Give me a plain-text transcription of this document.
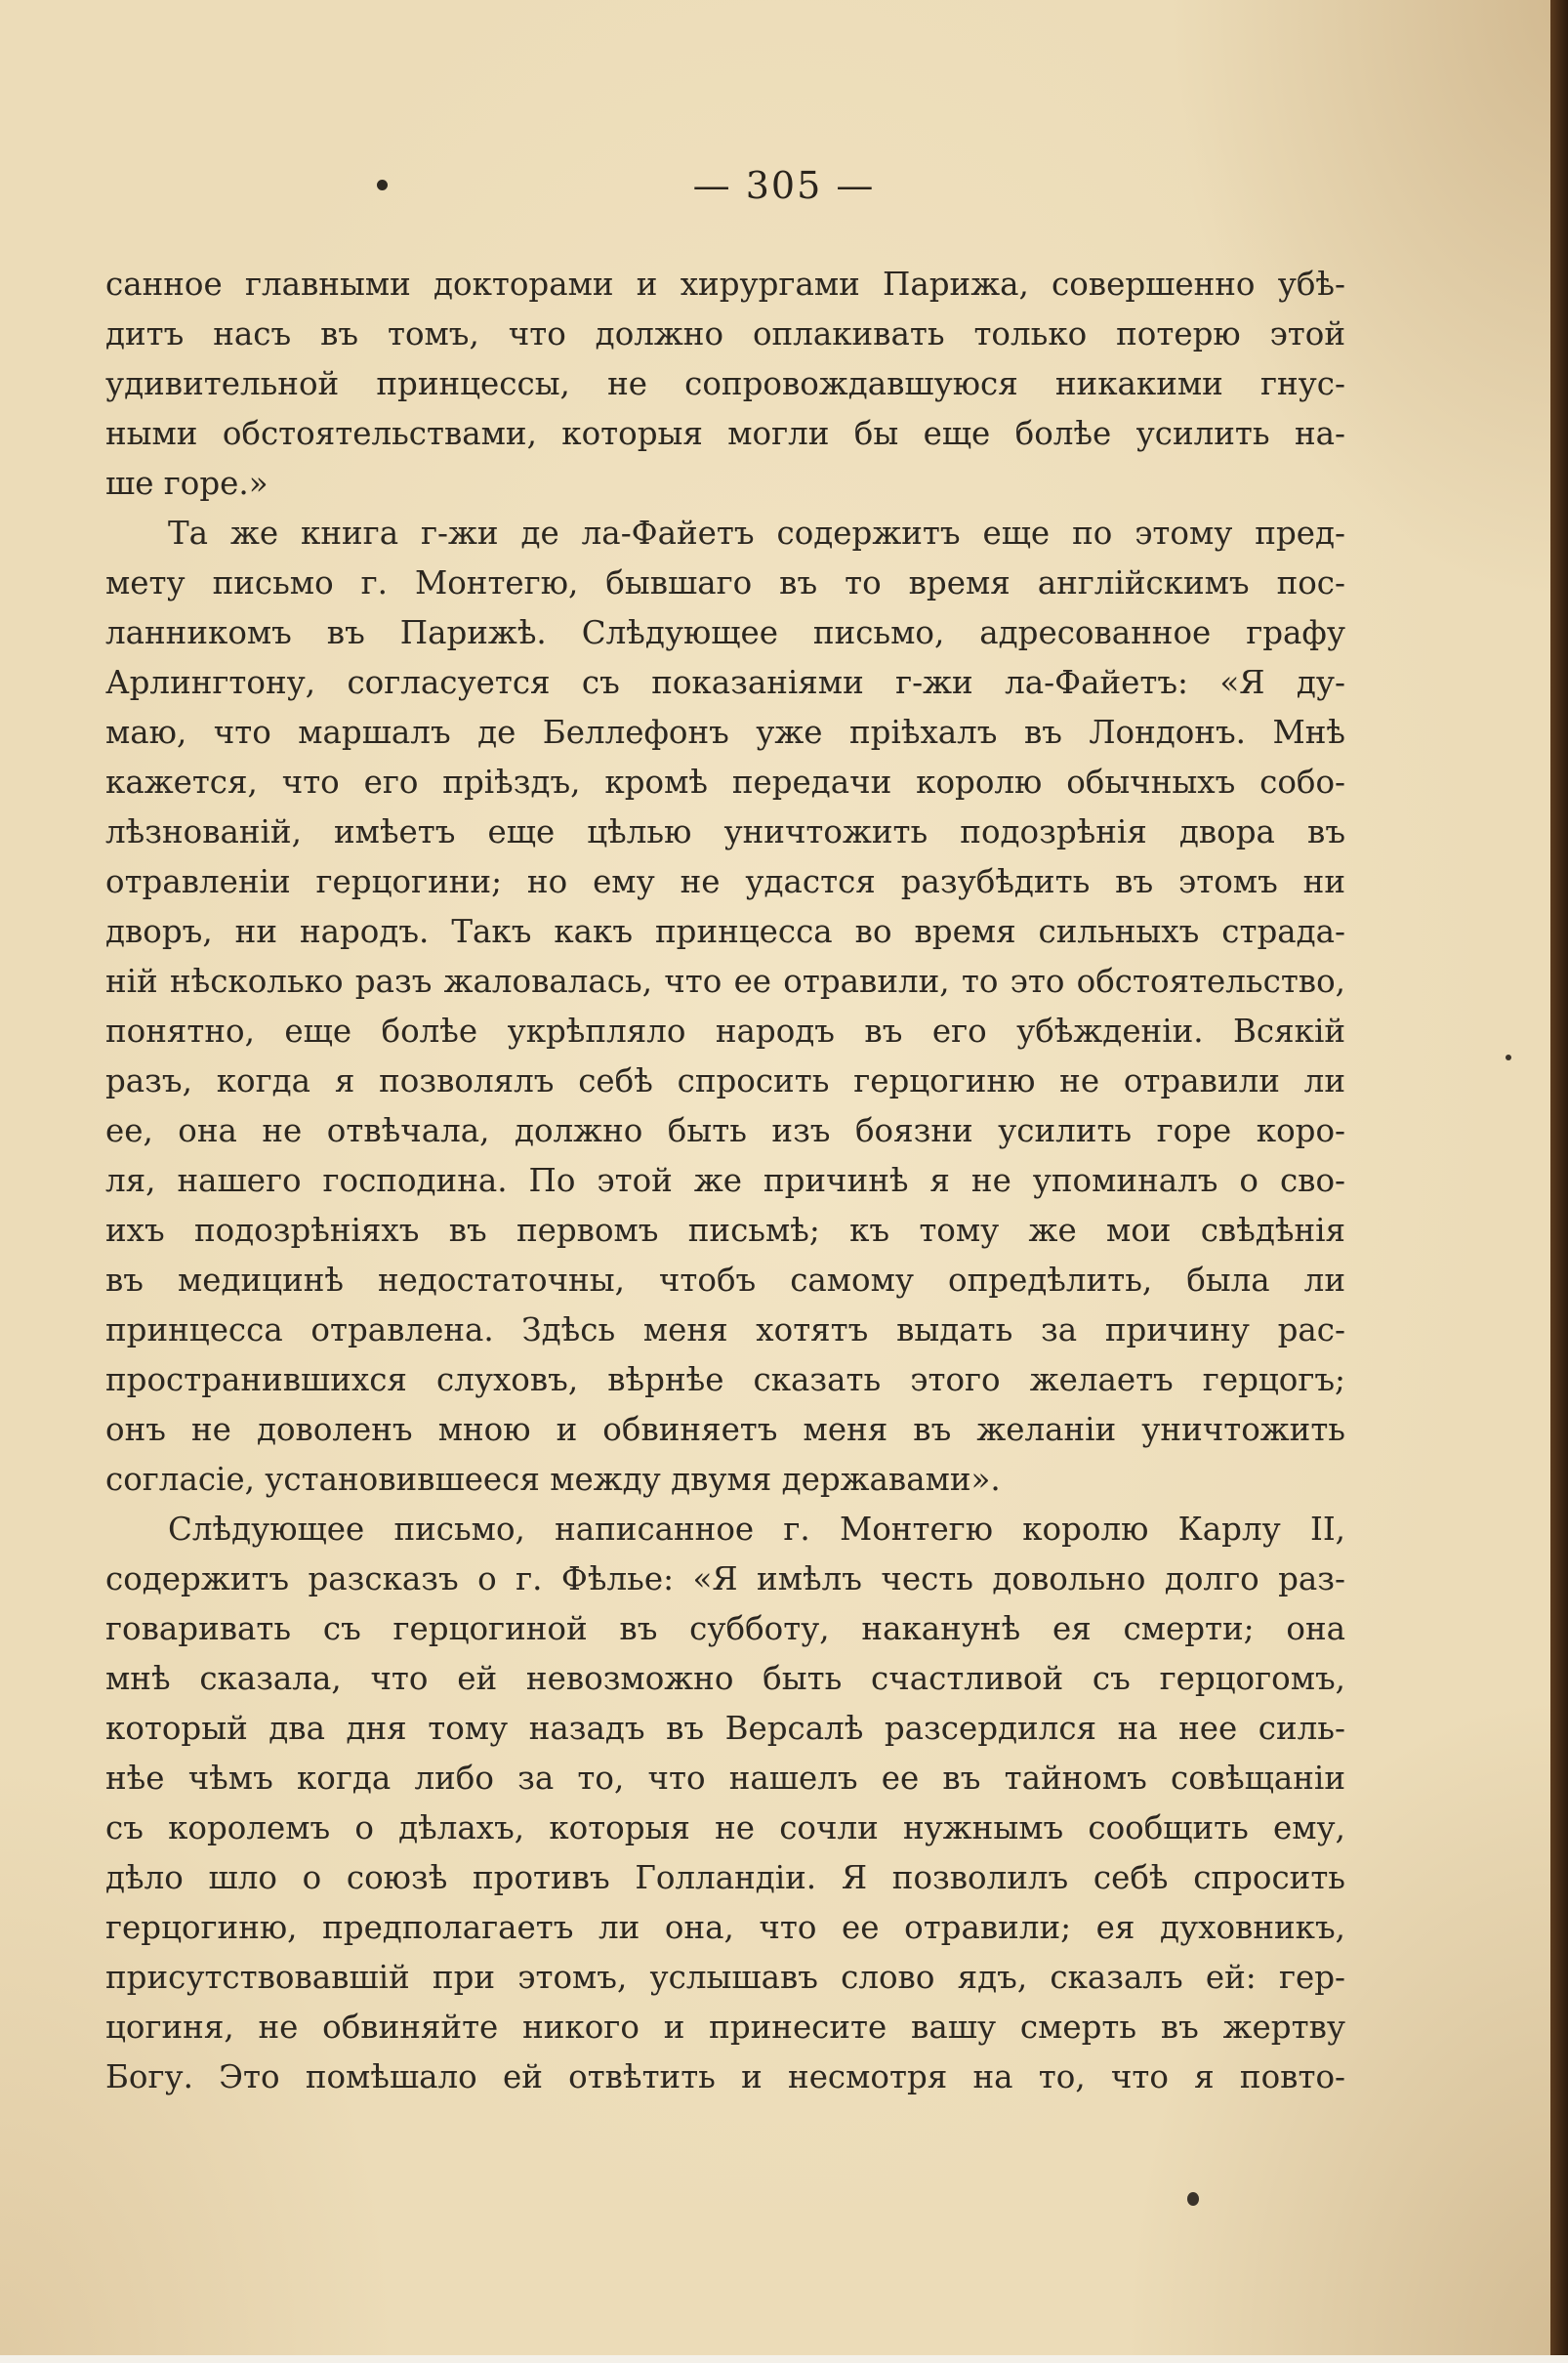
— 305 —
санное главными докторами и хирургами Парижа, совершенно убѣ-
дитъ насъ въ томъ, что должно оплакивать только потерю этой
удивительной принцессы, не сопровождавшуюся никакими гнус-
ными обстоятельствами, которыя могли бы еще болѣе усилить на-
ше горе.»
Та же книга г-жи де ла-Файетъ содержитъ еще по этому пред-
мету письмо г. Монтегю, бывшаго въ то время англійскимъ пос-
ланникомъ въ Парижѣ. Слѣдующее письмо, адресованное графу
Арлингтону, согласуется съ показаніями г-жи ла-Файетъ: «Я ду-
маю, что маршалъ де Беллефонъ уже пріѣхалъ въ Лондонъ. Мнѣ
кажется, что его пріѣздъ, кромѣ передачи королю обычныхъ собо-
лѣзнованій, имѣетъ еще цѣлью уничтожить подозрѣнія двора въ
отравленіи герцогини; но ему не удастся разубѣдить въ этомъ ни
дворъ, ни народъ. Такъ какъ принцесса во время сильныхъ страда-
ній нѣсколько разъ жаловалась, что ее отравили, то это обстоятельство,
понятно, еще болѣе укрѣпляло народъ въ его убѣжденіи. Всякій
разъ, когда я позволялъ себѣ спросить герцогиню не отравили ли
ее, она не отвѣчала, должно быть изъ боязни усилить горе коро-
ля, нашего господина. По этой же причинѣ я не упоминалъ о сво-
ихъ подозрѣніяхъ въ первомъ письмѣ; къ тому же мои свѣдѣнія
въ медицинѣ недостаточны, чтобъ самому опредѣлить, была ли
принцесса отравлена. Здѣсь меня хотятъ выдать за причину рас-
пространившихся слуховъ, вѣрнѣе сказать этого желаетъ герцогъ;
онъ не доволенъ мною и обвиняетъ меня въ желаніи уничтожить
согласіе, установившееся между двумя державами».
Слѣдующее письмо, написанное г. Монтегю королю Карлу II,
содержитъ разсказъ о г. Фѣлье: «Я имѣлъ честь довольно долго раз-
говаривать съ герцогиной въ субботу, наканунѣ ея смерти; она
мнѣ сказала, что ей невозможно быть счастливой съ герцогомъ,
который два дня тому назадъ въ Версалѣ разсердился на нее силь-
нѣе чѣмъ когда либо за то, что нашелъ ее въ тайномъ совѣщаніи
съ королемъ о дѣлахъ, которыя не сочли нужнымъ сообщить ему,
дѣло шло о союзѣ противъ Голландіи. Я позволилъ себѣ спросить
герцогиню, предполагаетъ ли она, что ее отравили; ея духовникъ,
присутствовавшій при этомъ, услышавъ слово ядъ, сказалъ ей: гер-
цогиня, не обвиняйте никого и принесите вашу смерть въ жертву
Богу. Это помѣшало ей отвѣтить и несмотря на то, что я повто-
